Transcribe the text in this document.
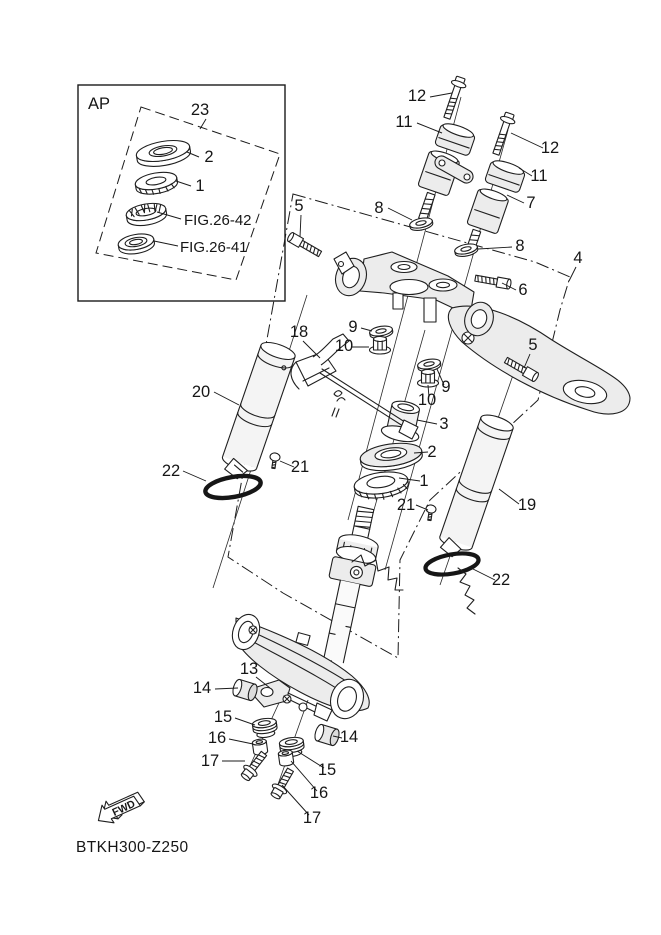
AP	23
2
1
FIG.26-42
FIG.26-41
12
11
12
11
7
8
8
4
5
6
5
9
10
18
9
10
3
2
1
20
21
22
21	19
22
13
14
14
15
15
16
16
17
17
FWD
BTKH300-Z250
